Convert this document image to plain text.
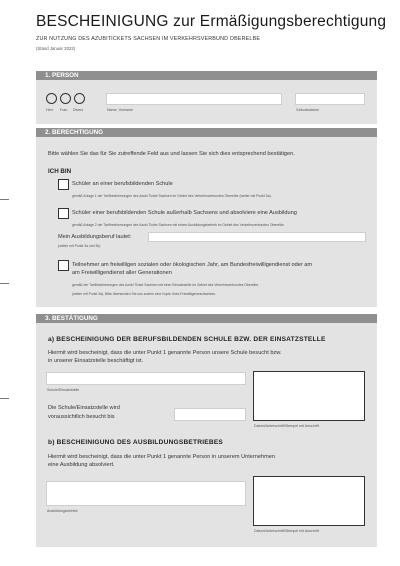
BESCHEINIGUNG zur Ermäßigungsberechtigung
ZUR NUTZUNG DES AZUBITICKETS SACHSEN IM VERKEHRSVERBUND OBERELBE
(Stand Januar 2022)
1. PERSON
Herr Frau Divers	Name, Vorname	Geburtsdatum
2. BERECHTIGUNG
Bitte wählen Sie das für Sie zutreffende Feld aus und lassen Sie sich dies entsprechend bestätigen.
ICH BIN
Schüler an einer berufsbildenden Schule
gemäß Anlage 1 der Tarifbestimmungen des Azubi Ticket Sachsen im Gebiet des Verkehrsverbundes Oberelbe (weiter mit Punkt 3a).
Schüler einer berufsbildenden Schule außerhalb Sachsens und absolviere eine Ausbildung
gemäß Anlage 2 der Tarifbestimmungen des Azubi Ticket Sachsen mit einem Ausbildungsbetrieb im Gebiet des Verkehrsverbundes Oberelbe.
Mein Ausbildungsberuf lautet:
(weiter mit Punkt 3a und 3b)
Teilnehmer am freiwilligen sozialen oder ökologischen Jahr, am Bundesfreiwilligendienst oder am
am Freiwilligendienst aller Generationen
gemäß der Tarifbestimmungen des Azubi Ticket Sachsen mit einer Einsatzstelle im Gebiet des Verkehrsverbundes Oberelbe
(weiter mit Punkt 3a). Bitte übersenden Sie uns zudem eine Kopie Ihres Freiwilligennachweises.
3. BESTÄTIGUNG
a) BESCHEINIGUNG DER BERUFSBILDENDEN SCHULE BZW. DER EINSATZSTELLE
Hiermit wird bescheinigt, dass die unter Punkt 1 genannte Person unsere Schule besucht bzw.
in unserer Einsatzstelle beschäftigt ist.
Schule/Einsatzstelle
Die Schule/Einsatzstelle wird
voraussichtlich besucht bis
Datum/Unterschrift/Stempel mit Anschrift
b) BESCHEINIGUNG DES AUSBILDUNGSBETRIEBES
Hiermit wird bescheinigt, dass die unter Punkt 1 genannte Person in unserem Unternehmen
eine Ausbildung absolviert.
Ausbildungsbetrieb
Datum/Unterschrift/Stempel mit Anschrift
